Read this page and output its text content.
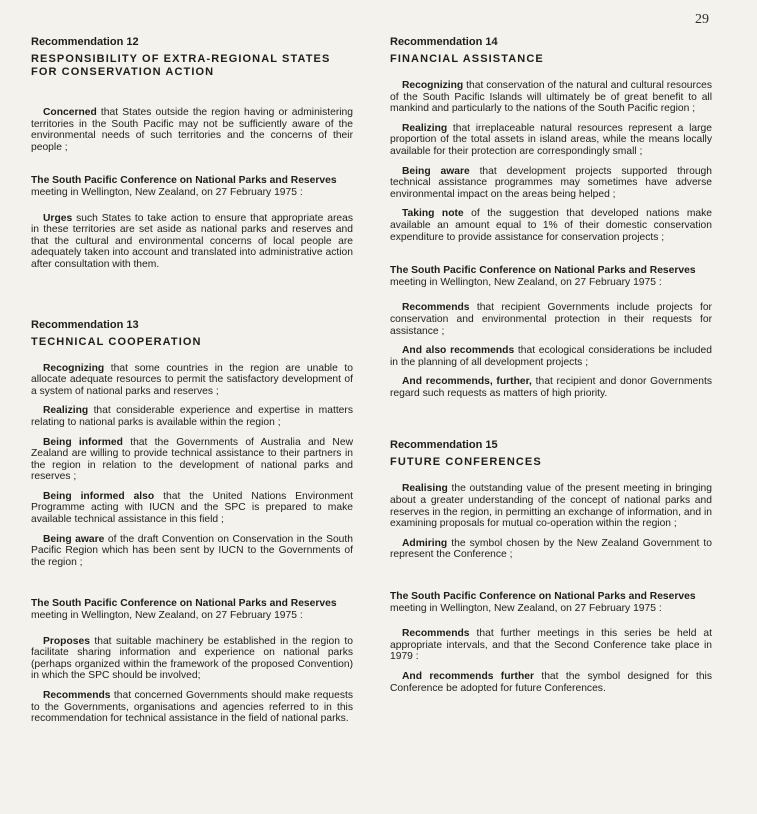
29
Recommendation 12
RESPONSIBILITY OF EXTRA-REGIONAL STATES
FOR CONSERVATION ACTION

Concerned that States outside the region having or administering territories in the South Pacific may not be sufficiently aware of the environmental needs of such territories and the concerns of their people ;

The South Pacific Conference on National Parks and Reserves meeting in Wellington, New Zealand, on 27 February 1975 :

Urges such States to take action to ensure that appropriate areas in these territories are set aside as national parks and reserves and that the cultural and environmental concerns of local people are adequately taken into account and translated into administrative action after consultation with them.

Recommendation 13
TECHNICAL COOPERATION

Recognizing that some countries in the region are unable to allocate adequate resources to permit the satisfactory development of a system of national parks and reserves ;

Realizing that considerable experience and expertise in matters relating to national parks is available within the region ;

Being informed that the Governments of Australia and New Zealand are willing to provide technical assistance to their partners in the region in relation to the development of national parks and reserves ;

Being informed also that the United Nations Environment Programme acting with IUCN and the SPC is prepared to make available technical assistance in this field ;

Being aware of the draft Convention on Conservation in the South Pacific Region which has been sent by IUCN to the Governments of the region ;

The South Pacific Conference on National Parks and Reserves meeting in Wellington, New Zealand, on 27 February 1975 :

Proposes that suitable machinery be established in the region to facilitate sharing information and experience on national parks (perhaps organized within the framework of the proposed Convention) in which the SPC should be involved;

Recommends that concerned Governments should make requests to the Governments, organisations and agencies referred to in this recommendation for technical assistance in the field of national parks.

Recommendation 14
FINANCIAL ASSISTANCE

Recognizing that conservation of the natural and cultural resources of the South Pacific Islands will ultimately be of great benefit to all mankind and particularly to the nations of the South Pacific region ;

Realizing that irreplaceable natural resources represent a large proportion of the total assets in island areas, while the means locally available for their protection are correspondingly small ;

Being aware that development projects supported through technical assistance programmes may sometimes have adverse environmental impact on the areas being helped ;

Taking note of the suggestion that developed nations make available an amount equal to 1% of their domestic conservation expenditure to provide assistance for conservation projects ;

The South Pacific Conference on National Parks and Reserves meeting in Wellington, New Zealand, on 27 February 1975 :

Recommends that recipient Governments include projects for conservation and environmental protection in their requests for assistance ;

And also recommends that ecological considerations be included in the planning of all development projects ;

And recommends, further, that recipient and donor Governments regard such requests as matters of high priority.

Recommendation 15
FUTURE CONFERENCES

Realising the outstanding value of the present meeting in bringing about a greater understanding of the concept of national parks and reserves in the region, in permitting an exchange of information, and in examining proposals for mutual co-operation within the region ;

Admiring the symbol chosen by the New Zealand Government to represent the Conference ;

The South Pacific Conference on National Parks and Reserves meeting in Wellington, New Zealand, on 27 February 1975 :

Recommends that further meetings in this series be held at appropriate intervals, and that the Second Conference take place in 1979 :

And recommends further that the symbol designed for this Conference be adopted for future Conferences.
